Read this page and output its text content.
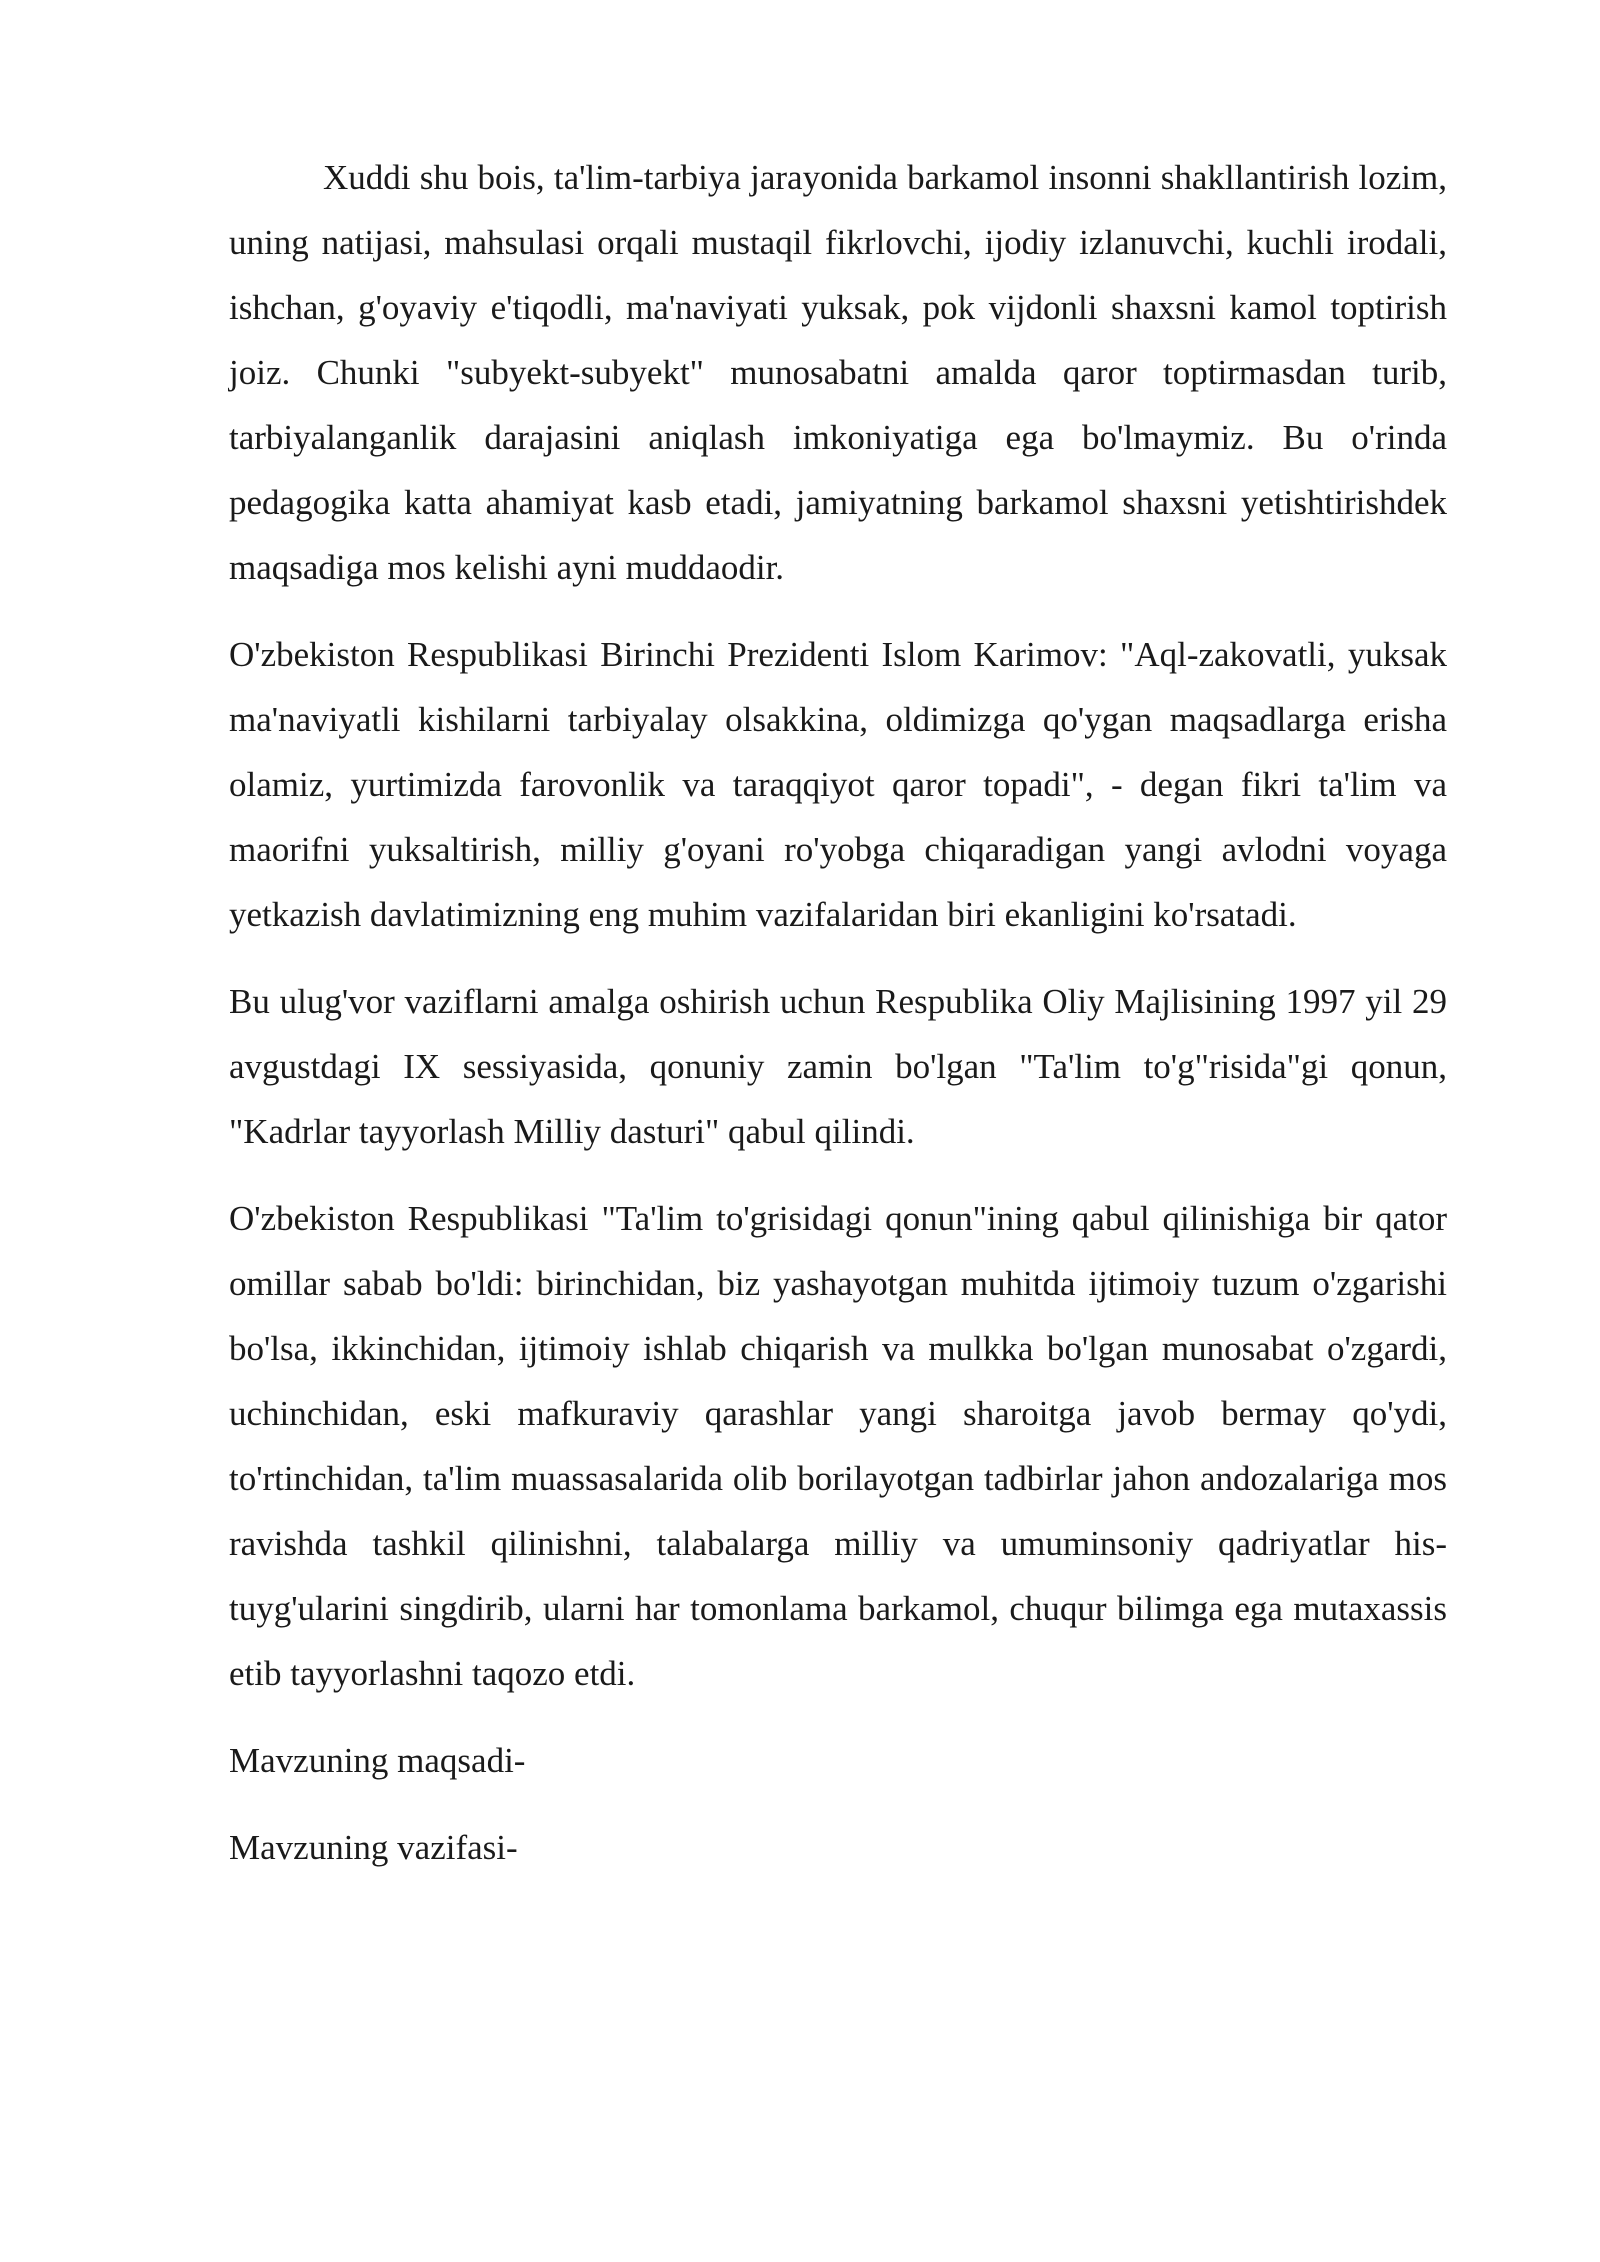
Xuddi shu bois, ta'lim-tarbiya jarayonida barkamol insonni shakllantirish lozim, uning natijasi, mahsulasi orqali mustaqil fikrlovchi, ijodiy izlanuvchi, kuchli irodali, ishchan, g'oyaviy e'tiqodli, ma'naviyati yuksak, pok vijdonli shaxsni kamol toptirish joiz. Chunki "subyekt-subyekt" munosabatni amalda qaror toptirmasdan turib, tarbiyalanganlik darajasini aniqlash imkoniyatiga ega bo'lmaymiz. Bu o'rinda pedagogika katta ahamiyat kasb etadi, jamiyatning barkamol shaxsni yetishtirishdek maqsadiga mos kelishi ayni muddaodir.

O'zbekiston Respublikasi Birinchi Prezidenti Islom Karimov: "Aql-zakovatli, yuksak ma'naviyatli kishilarni tarbiyalay olsakkina, oldimizga qo'ygan maqsadlarga erisha olamiz, yurtimizda farovonlik va taraqqiyot qaror topadi", - degan fikri ta'lim va maorifni yuksaltirish, milliy g'oyani ro'yobga chiqaradigan yangi avlodni voyaga yetkazish davlatimizning eng muhim vazifalaridan biri ekanligini ko'rsatadi.

Bu ulug'vor vaziflarni amalga oshirish uchun Respublika Oliy Majlisining 1997 yil 29 avgustdagi IX sessiyasida, qonuniy zamin bo'lgan "Ta'lim to'g"risida"gi qonun, "Kadrlar tayyorlash Milliy dasturi" qabul qilindi.

O'zbekiston Respublikasi "Ta'lim to'grisidagi qonun"ining qabul qilinishiga bir qator omillar sabab bo'ldi: birinchidan, biz yashayotgan muhitda ijtimoiy tuzum o'zgarishi bo'lsa, ikkinchidan, ijtimoiy ishlab chiqarish va mulkka bo'lgan munosabat o'zgardi, uchinchidan, eski mafkuraviy qarashlar yangi sharoitga javob bermay qo'ydi, to'rtinchidan, ta'lim muassasalarida olib borilayotgan tadbirlar jahon andozalariga mos ravishda tashkil qilinishni, talabalarga milliy va umuminsoniy qadriyatlar his-tuyg'ularini singdirib, ularni har tomonlama barkamol, chuqur bilimga ega mutaxassis etib tayyorlashni taqozo etdi.

Mavzuning maqsadi-

Mavzuning vazifasi-
